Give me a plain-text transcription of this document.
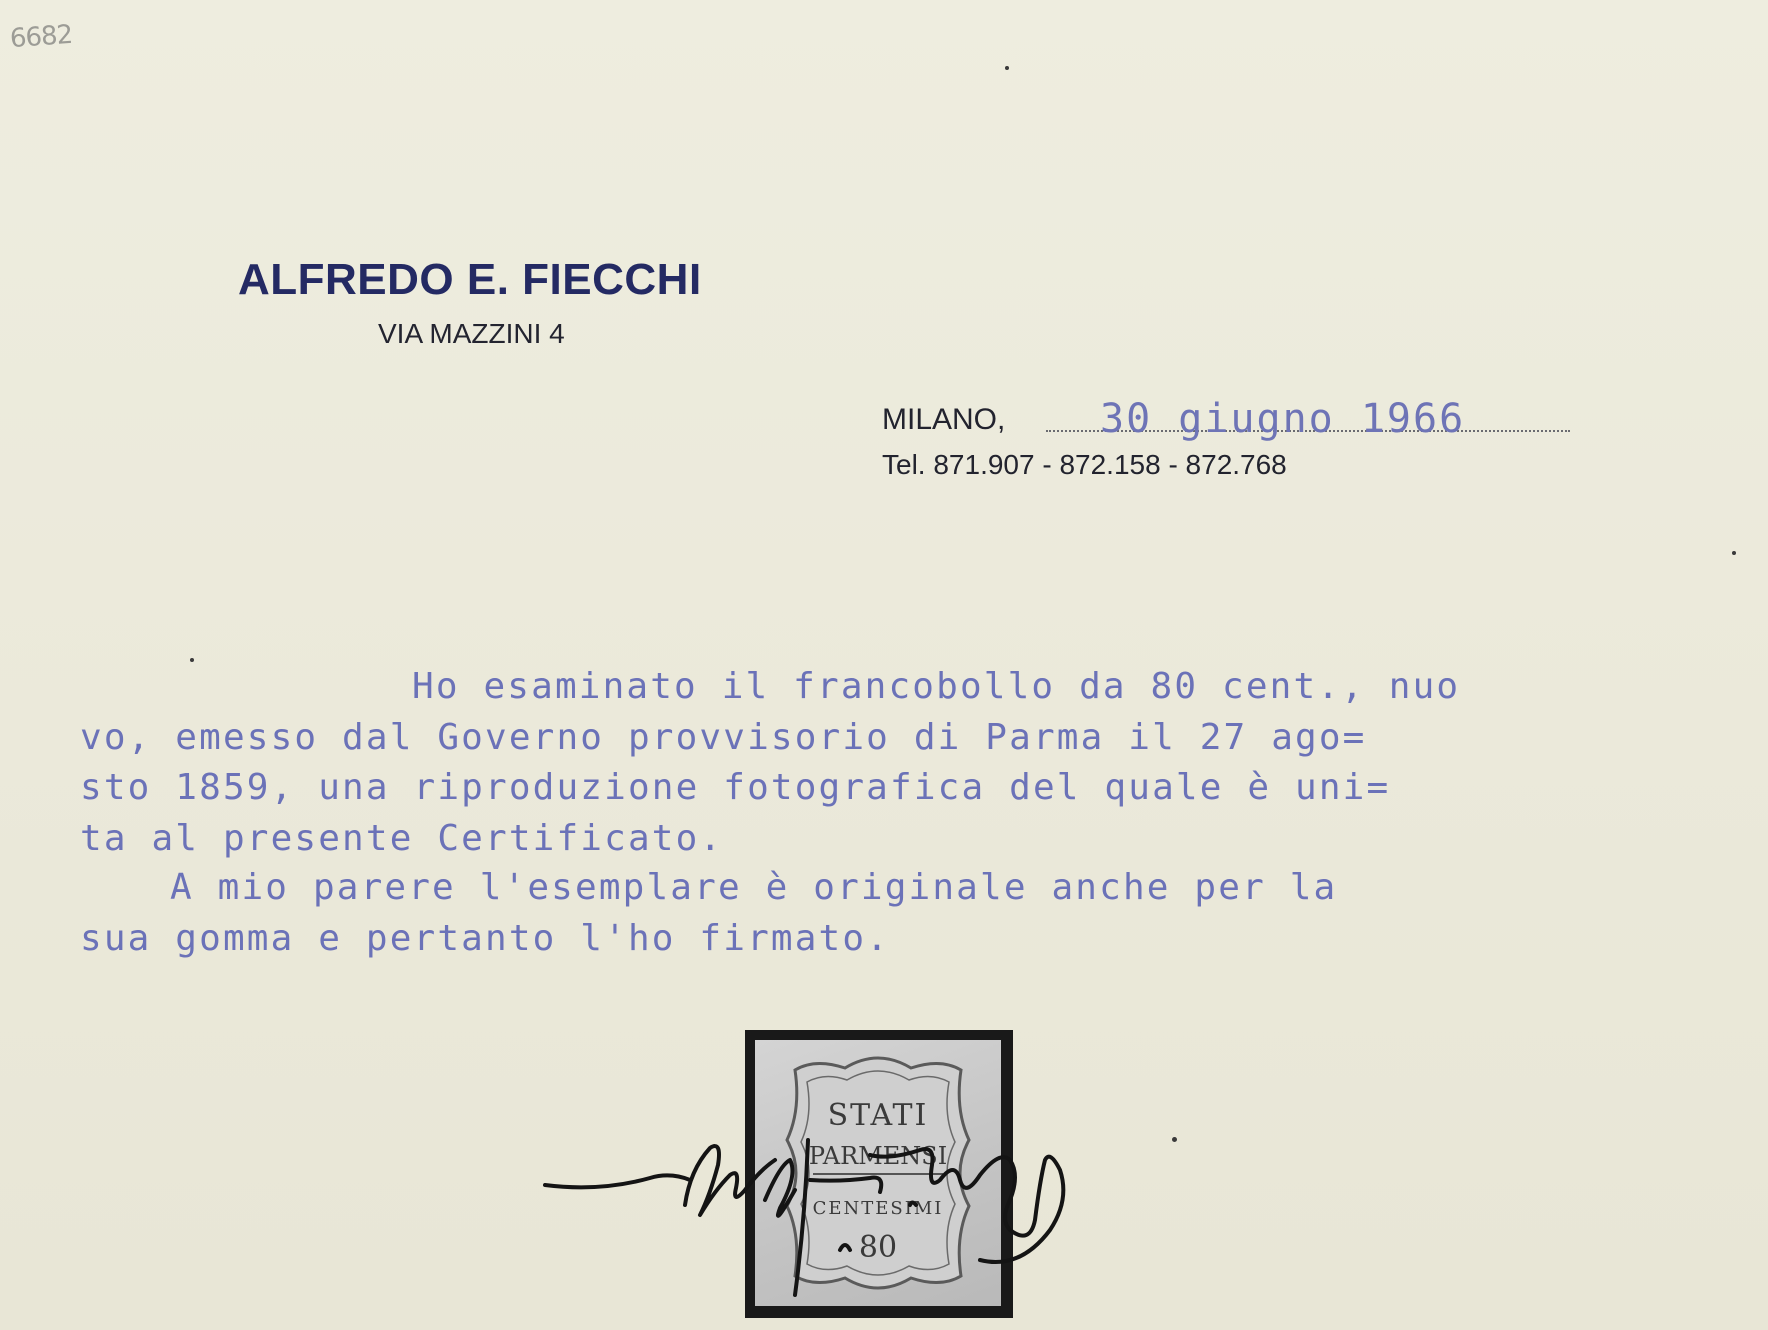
6682
ALFREDO E. FIECCHI
VIA MAZZINI 4
MILANO, 30 giugno 1966
Tel. 871.907 - 872.158 - 872.768
Ho esaminato il francobollo da 80 cent., nuo
vo, emesso dal Governo provvisorio di Parma il 27 ago=
sto 1859, una riproduzione fotografica del quale è uni=
ta al presente Certificato.
A mio parere l'esemplare è originale anche per la
sua gomma e pertanto l'ho firmato.
STATI
PARMENSI
CENTESIMI
80
